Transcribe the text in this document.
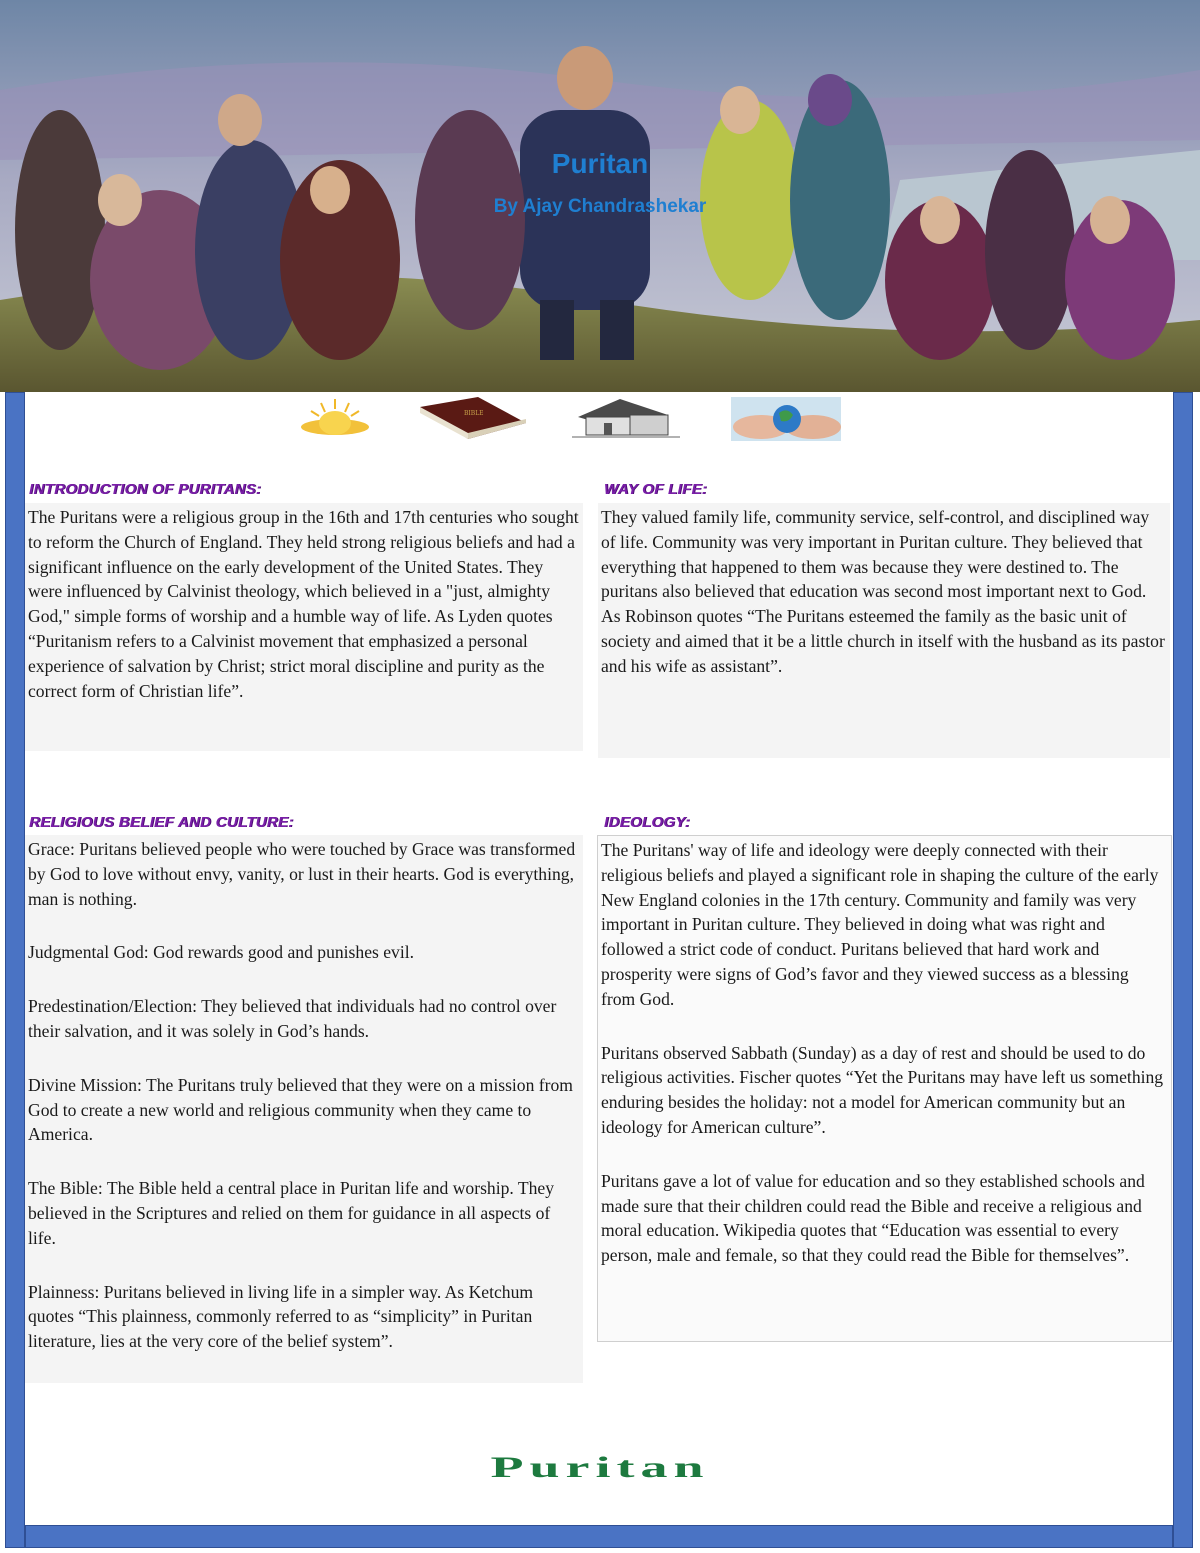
Puritan
By Ajay Chandrashekar
BIBLE
INTRODUCTION OF PURITANS:	WAY OF LIFE:
RELIGIOUS BELIEF AND CULTURE:	IDEOLOGY:

The Puritans were a religious group in the 16th and 17th centuries who sought to reform the Church of England. They held strong religious beliefs and had a significant influence on the early development of the United States. They were influenced by Calvinist theology, which believed in a "just, almighty God," simple forms of worship and a humble way of life. As Lyden quotes “Puritanism refers to a Calvinist movement that emphasized a personal experience of salvation by Christ; strict moral discipline and purity as the correct form of Christian life”.

They valued family life, community service, self-control, and disciplined way of life. Community was very important in Puritan culture. They believed that everything that happened to them was because they were destined to. The puritans also believed that education was second most important next to God. As Robinson quotes “The Puritans esteemed the family as the basic unit of society and aimed that it be a little church in itself with the husband as its pastor and his wife as assistant”.

Grace: Puritans believed people who were touched by Grace was transformed by God to love without envy, vanity, or lust in their hearts. God is everything, man is nothing.

Judgmental God: God rewards good and punishes evil.

Predestination/Election: They believed that individuals had no control over their salvation, and it was solely in God’s hands.

Divine Mission: The Puritans truly believed that they were on a mission from God to create a new world and religious community when they came to America.

The Bible: The Bible held a central place in Puritan life and worship. They believed in the Scriptures and relied on them for guidance in all aspects of life.

Plainness: Puritans believed in living life in a simpler way. As Ketchum quotes “This plainness, commonly referred to as “simplicity” in Puritan literature, lies at the very core of the belief system”.

The Puritans' way of life and ideology were deeply connected with their religious beliefs and played a significant role in shaping the culture of the early New England colonies in the 17th century. Community and family was very important in Puritan culture. They believed in doing what was right and followed a strict code of conduct. Puritans believed that hard work and prosperity were signs of God’s favor and they viewed success as a blessing from God.

Puritans observed Sabbath (Sunday) as a day of rest and should be used to do religious activities. Fischer quotes “Yet the Puritans may have left us something enduring besides the holiday: not a model for American community but an ideology for American culture”.

Puritans gave a lot of value for education and so they established schools and made sure that their children could read the Bible and receive a religious and moral education. Wikipedia quotes that “Education was essential to every person, male and female, so that they could read the Bible for themselves”.

Puritan
